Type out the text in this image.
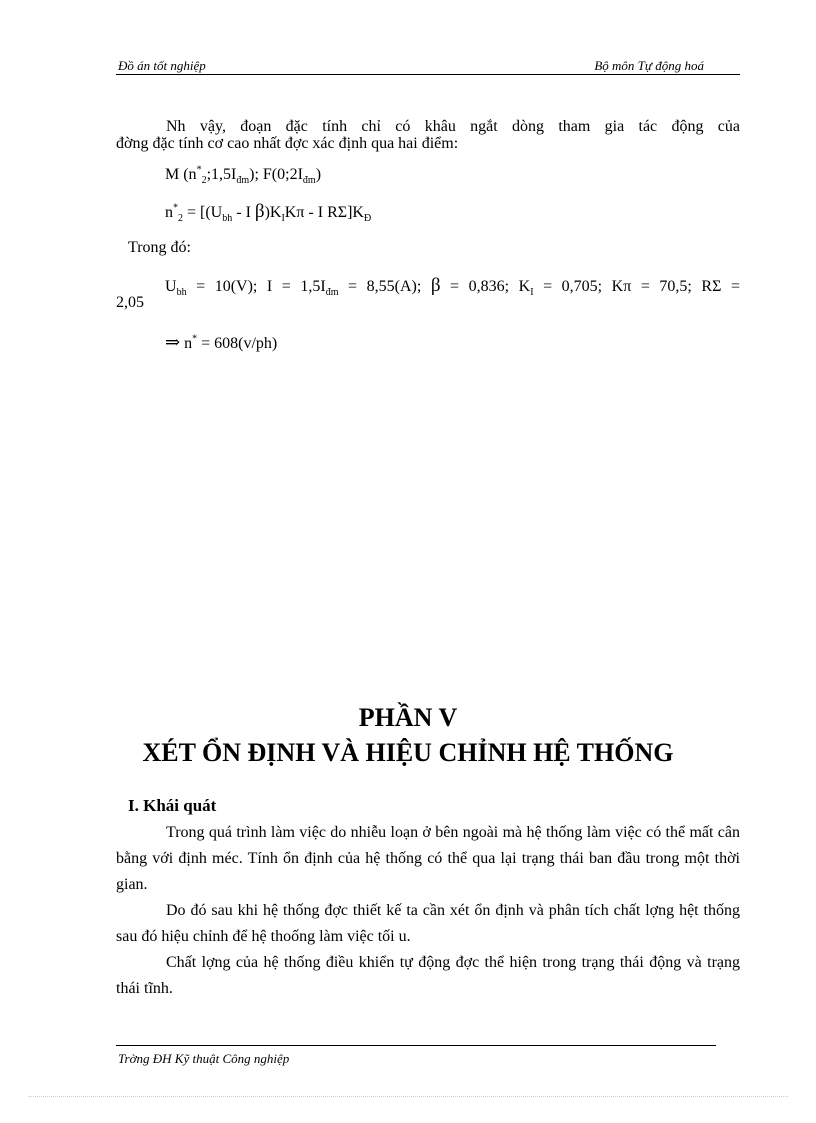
Đồ án tốt nghiệp	Bộ môn Tự động hoá
Nh vậy, đoạn đặc tính chỉ có khâu ngắt dòng tham gia tác động của
đờng đặc tính cơ cao nhất đợc xác định qua hai điểm:
M $(n^*_2;1,5I_{đm})$; $F(0;2I_{đm})$
$n^*_2 = [(U_{bh} - I$ $\beta)K_IK\pi$ - I $R\Sigma]K_Đ$
Trong đó:
$U_{bh} = 10(V)$; $I = 1,5I_{đm} = 8,55(A)$; β = 0,836; $K_I = 0,705$; Kπ = 70,5; RΣ =
2,05
⇒ n* = 608(v/ph)
PHẦN V
XÉT ỔN ĐỊNH VÀ HIỆU CHỈNH HỆ THỐNG
I. Khái quát
Trong quá trình làm việc do nhiễu loạn ở bên ngoài mà hệ thống làm việc có thể mất cân bằng với định méc. Tính ổn định của hệ thống có thể qua lại trạng thái ban đầu trong một thời gian.
Do đó sau khi hệ thống đợc thiết kế ta cần xét ổn định và phân tích chất lợng hệt thống sau đó hiệu chỉnh để hệ thoống làm việc tối u.
Chất lợng của hệ thống điều khiển tự động đợc thể hiện trong trạng thái động và trạng thái tĩnh.
Trờng ĐH Kỹ thuật Công nghiệp
